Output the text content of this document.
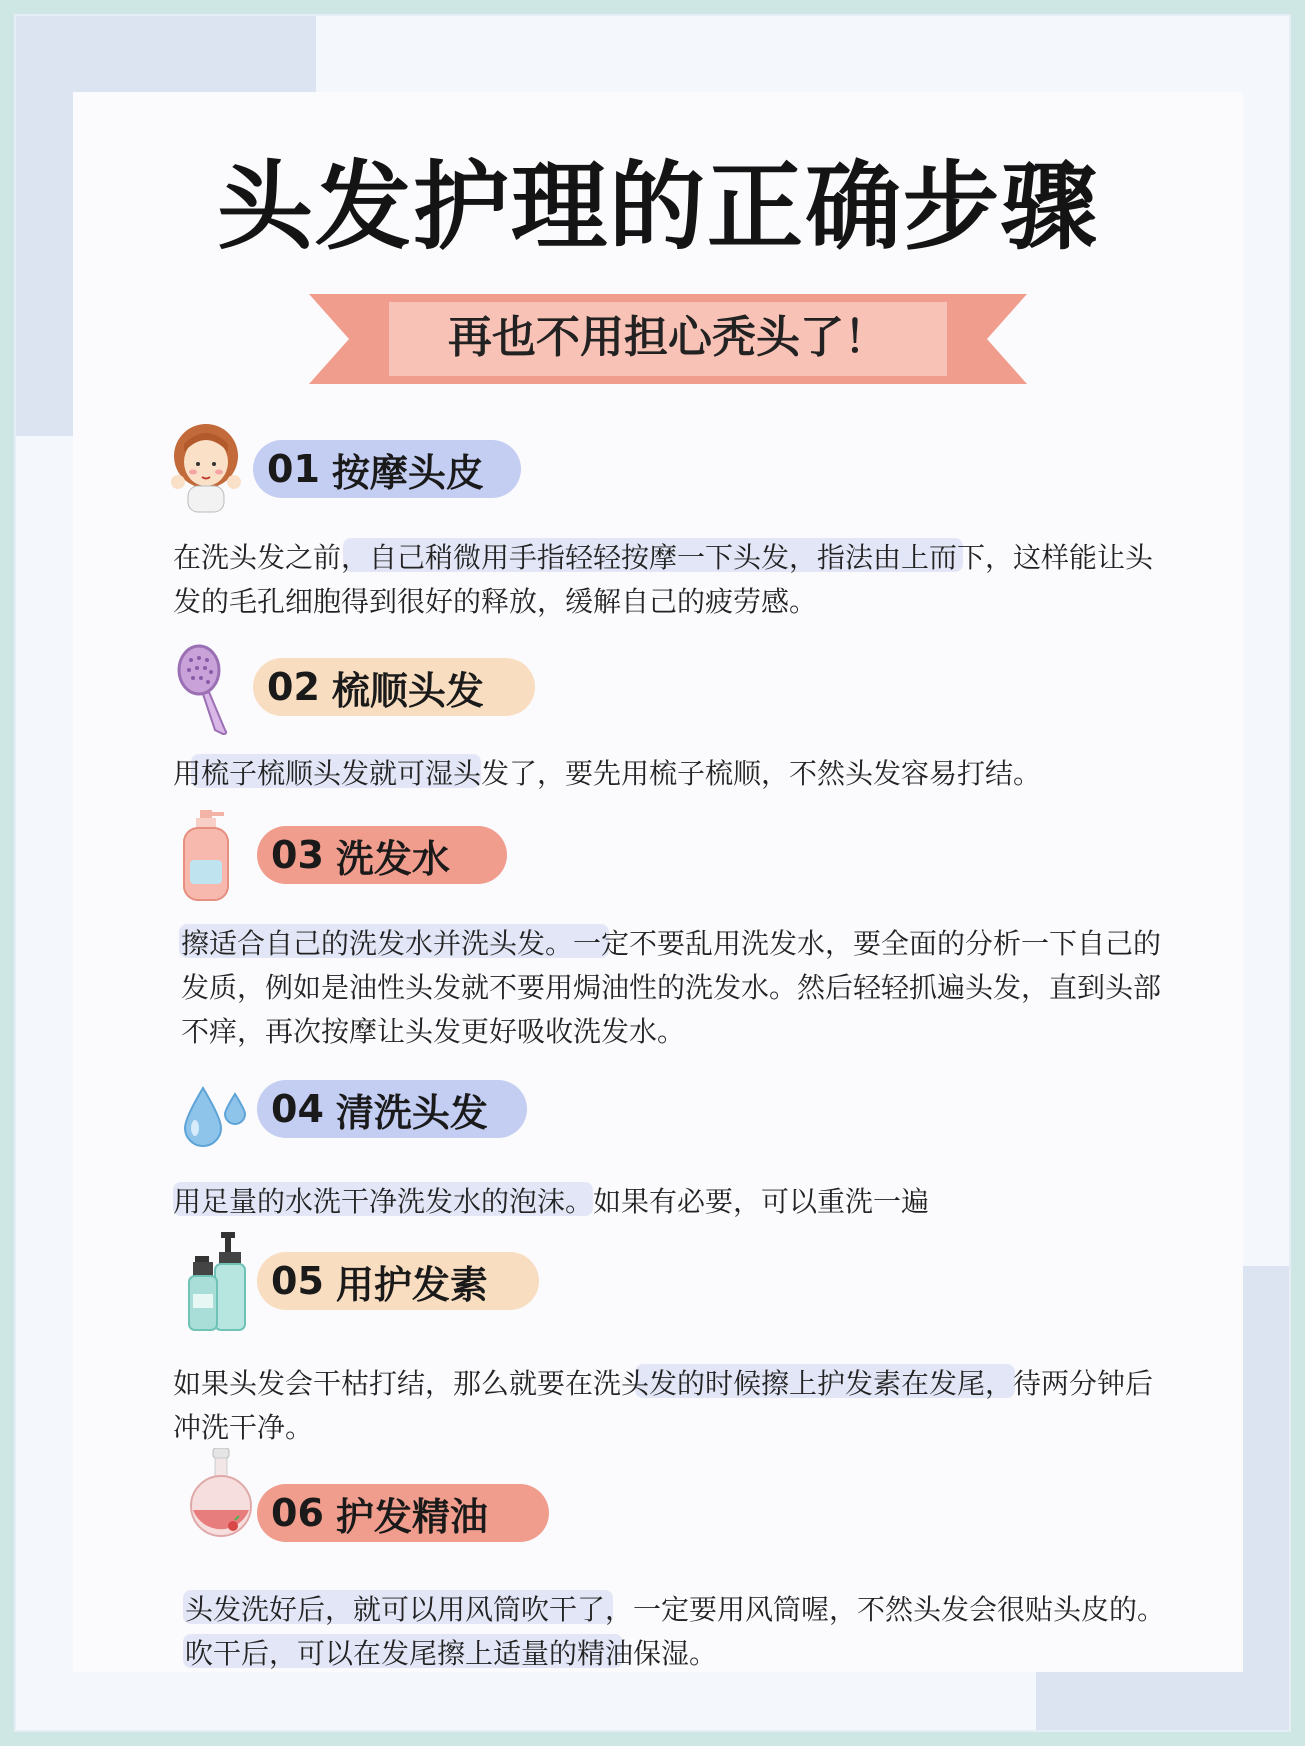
头发护理的正确步骤
再也不用担心秃头了！
01 按摩头皮

在洗头发之前，自己稍微用手指轻轻按摩一下头发，指法由上而下，这样能让头发的毛孔细胞得到很好的释放，缓解自己的疲劳感。

02 梳顺头发

用梳子梳顺头发就可湿头发了，要先用梳子梳顺，不然头发容易打结。

03 洗发水

擦适合自己的洗发水并洗头发。一定不要乱用洗发水，要全面的分析一下自己的发质，例如是油性头发就不要用焗油性的洗发水。然后轻轻抓遍头发，直到头部不痒，再次按摩让头发更好吸收洗发水。

04 清洗头发

用足量的水洗干净洗发水的泡沫。如果有必要，可以重洗一遍

05 用护发素

如果头发会干枯打结，那么就要在洗头发的时候擦上护发素在发尾，待两分钟后冲洗干净。

06 护发精油

头发洗好后，就可以用风筒吹干了，一定要用风筒喔，不然头发会很贴头皮的。吹干后，可以在发尾擦上适量的精油保湿。
